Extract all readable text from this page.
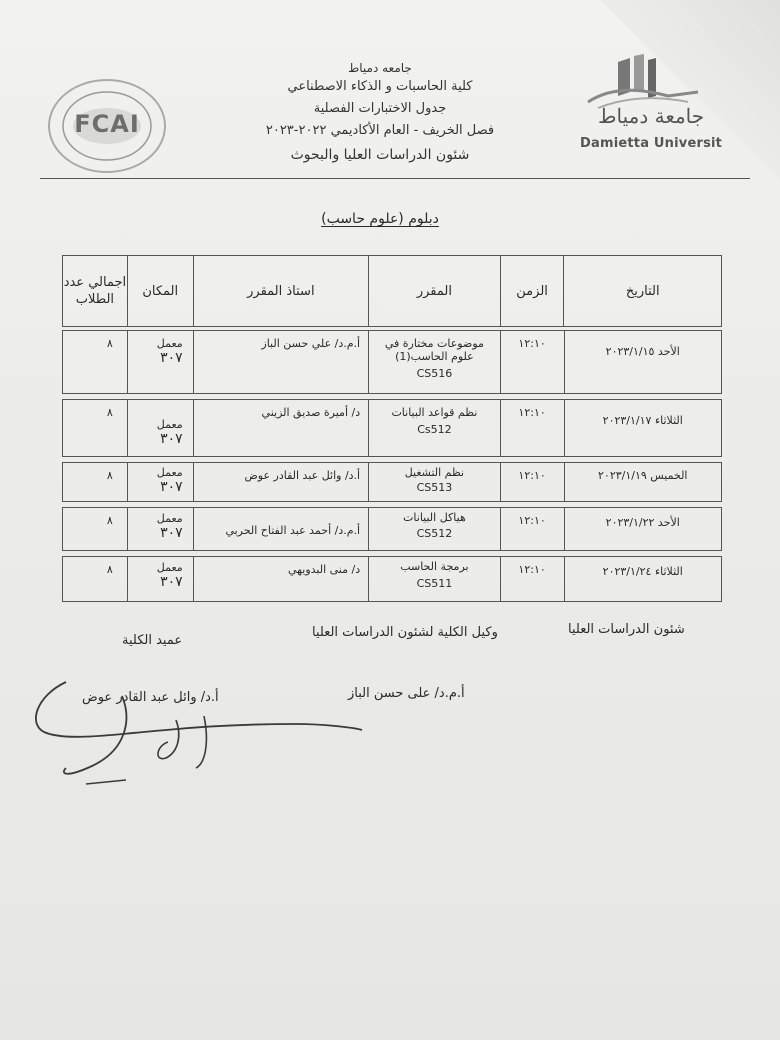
جامعة دمياط
Damietta Universit
FCAI
جامعه دمياط
كلية الحاسبات و الذكاء الاصطناعي
جدول الاختبارات الفصلية
فصل الخريف - العام الأكاديمي ٢٠٢٢-٢٠٢٣
شئون الدراسات العليا والبحوث
دبلوم (علوم حاسب)
التاريخ
الزمن
المقرر
استاذ المقرر
المكان
اجمالي عدد الطلاب
الأحد ٢٠٢٣/١/١٥
١٢:١٠
موضوعات مختارة في علوم الحاسب(1)
CS516
أ.م.د/ علي حسن الباز
معمل
٣٠٧
٨
الثلاثاء ٢٠٢٣/١/١٧
١٢:١٠
نظم قواعد البيانات
Cs512
د/ أميرة صديق الزيني
معمل
٣٠٧
٨
الخميس ٢٠٢٣/١/١٩
١٢:١٠
نظم التشغيل
CS513
أ.د/ وائل عبد القادر عوض
معمل
٣٠٧
٨
الأحد ٢٠٢٣/١/٢٢
١٢:١٠
هياكل البيانات
CS512
أ.م.د/ أحمد عبد الفتاح الحربي
معمل
٣٠٧
٨
الثلاثاء ٢٠٢٣/١/٢٤
١٢:١٠
برمجة الحاسب
CS511
د/ منى البدويهي
معمل
٣٠٧
٨
شئون الدراسات العليا
وكيل الكلية لشئون الدراسات العليا
عميد الكلية
أ.م.د/ على حسن الباز
أ.د/ وائل عبد القادر عوض
